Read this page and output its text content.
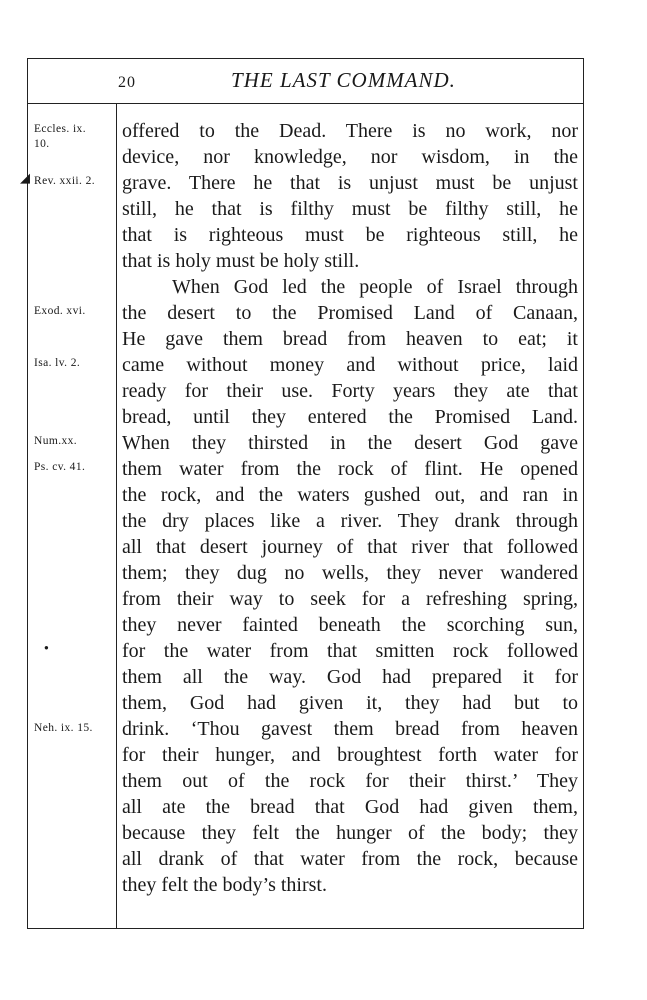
20	THE LAST COMMAND.
Eccles. ix. 10.
Rev. xxii. 2.
Exod. xvi.
Isa. lv. 2.
Num.xx.
Ps. cv. 41.
Neh. ix. 15.
◢
●
offered to the Dead. There is no work, nor
device, nor knowledge, nor wisdom, in the
grave. There he that is unjust must be unjust
still, he that is filthy must be filthy still, he
that is righteous must be righteous still, he
that is holy must be holy still.
When God led the people of Israel through
the desert to the Promised Land of Canaan,
He gave them bread from heaven to eat; it
came without money and without price, laid
ready for their use. Forty years they ate that
bread, until they entered the Promised Land.
When they thirsted in the desert God gave
them water from the rock of flint. He opened
the rock, and the waters gushed out, and ran in
the dry places like a river. They drank through
all that desert journey of that river that followed
them; they dug no wells, they never wandered
from their way to seek for a refreshing spring,
they never fainted beneath the scorching sun,
for the water from that smitten rock followed
them all the way. God had prepared it for
them, God had given it, they had but to
drink. ‘Thou gavest them bread from heaven
for their hunger, and broughtest forth water for
them out of the rock for their thirst.’ They
all ate the bread that God had given them,
because they felt the hunger of the body; they
all drank of that water from the rock, because
they felt the body’s thirst.
